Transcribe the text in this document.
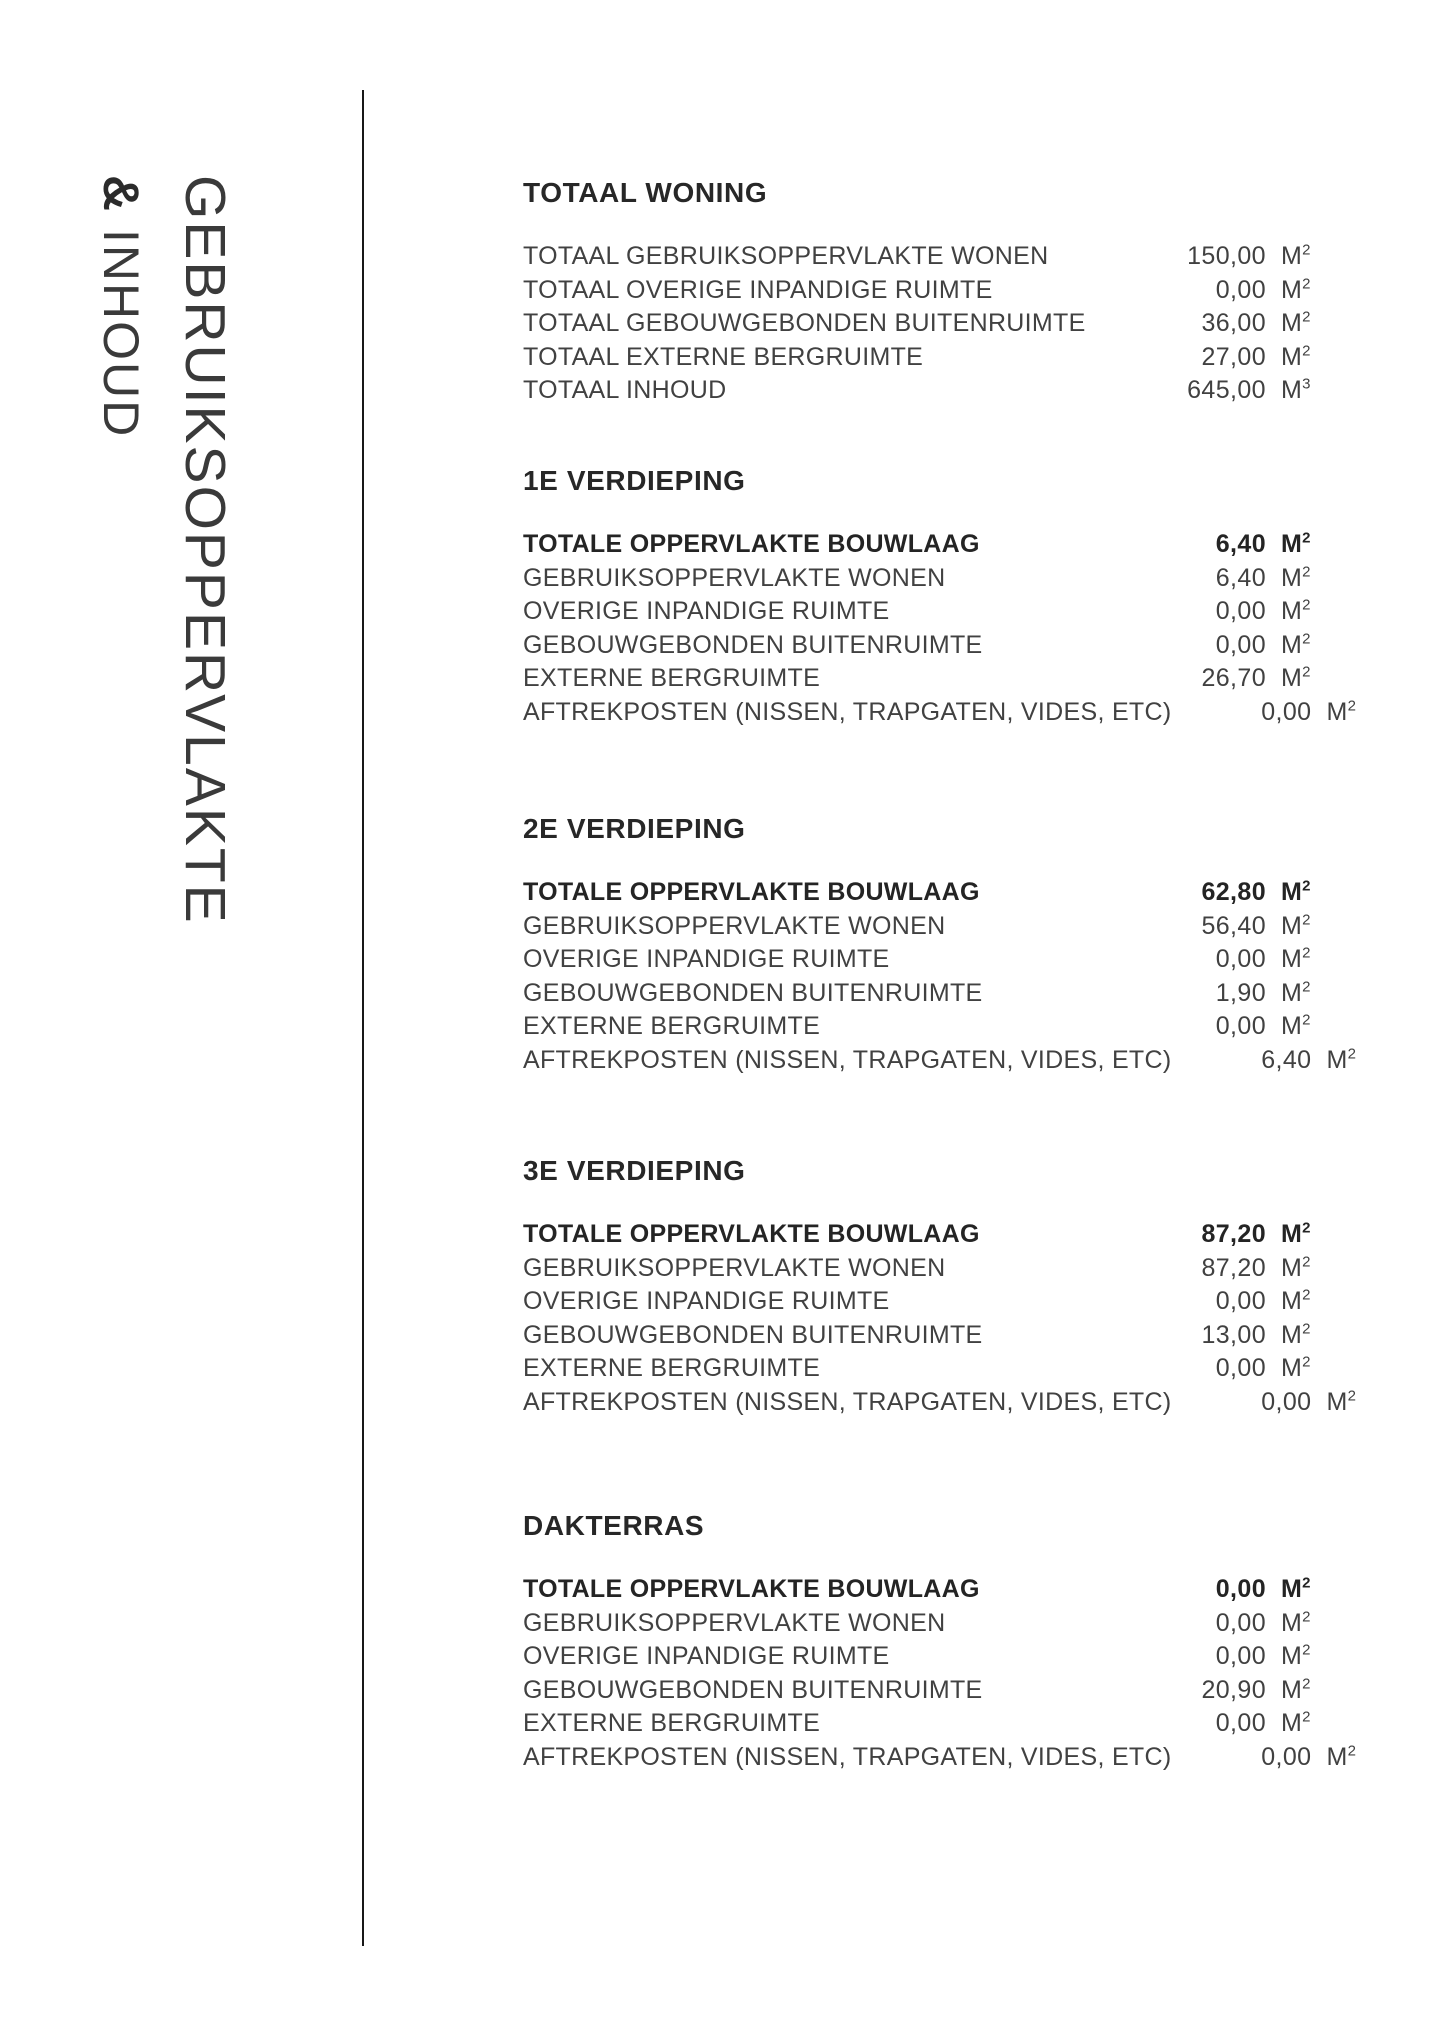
GEBRUIKSOPPERVLAKTE
& INHOUD
TOTAAL WONING
TOTAAL GEBRUIKSOPPERVLAKTE WONEN	150,00 $M^2$
TOTAAL OVERIGE INPANDIGE RUIMTE	0,00 $M^2$
TOTAAL GEBOUWGEBONDEN BUITENRUIMTE	36,00 $M^2$
TOTAAL EXTERNE BERGRUIMTE	27,00 $M^2$
TOTAAL INHOUD	645,00 $M^3$
1E VERDIEPING
TOTALE OPPERVLAKTE BOUWLAAG	6,40 $M^2$
GEBRUIKSOPPERVLAKTE WONEN	6,40 $M^2$
OVERIGE INPANDIGE RUIMTE	0,00 $M^2$
GEBOUWGEBONDEN BUITENRUIMTE	0,00 $M^2$
EXTERNE BERGRUIMTE	26,70 $M^2$
AFTREKPOSTEN (NISSEN, TRAPGATEN, VIDES, ETC)	0,00 $M^2$
2E VERDIEPING
TOTALE OPPERVLAKTE BOUWLAAG	62,80 $M^2$
GEBRUIKSOPPERVLAKTE WONEN	56,40 $M^2$
OVERIGE INPANDIGE RUIMTE	0,00 $M^2$
GEBOUWGEBONDEN BUITENRUIMTE	1,90 $M^2$
EXTERNE BERGRUIMTE	0,00 $M^2$
AFTREKPOSTEN (NISSEN, TRAPGATEN, VIDES, ETC)	6,40 $M^2$
3E VERDIEPING
TOTALE OPPERVLAKTE BOUWLAAG	87,20 $M^2$
GEBRUIKSOPPERVLAKTE WONEN	87,20 $M^2$
OVERIGE INPANDIGE RUIMTE	0,00 $M^2$
GEBOUWGEBONDEN BUITENRUIMTE	13,00 $M^2$
EXTERNE BERGRUIMTE	0,00 $M^2$
AFTREKPOSTEN (NISSEN, TRAPGATEN, VIDES, ETC)	0,00 $M^2$
DAKTERRAS
TOTALE OPPERVLAKTE BOUWLAAG	0,00 $M^2$
GEBRUIKSOPPERVLAKTE WONEN	0,00 $M^2$
OVERIGE INPANDIGE RUIMTE	0,00 $M^2$
GEBOUWGEBONDEN BUITENRUIMTE	20,90 $M^2$
EXTERNE BERGRUIMTE	0,00 $M^2$
AFTREKPOSTEN (NISSEN, TRAPGATEN, VIDES, ETC)	0,00 $M^2$
